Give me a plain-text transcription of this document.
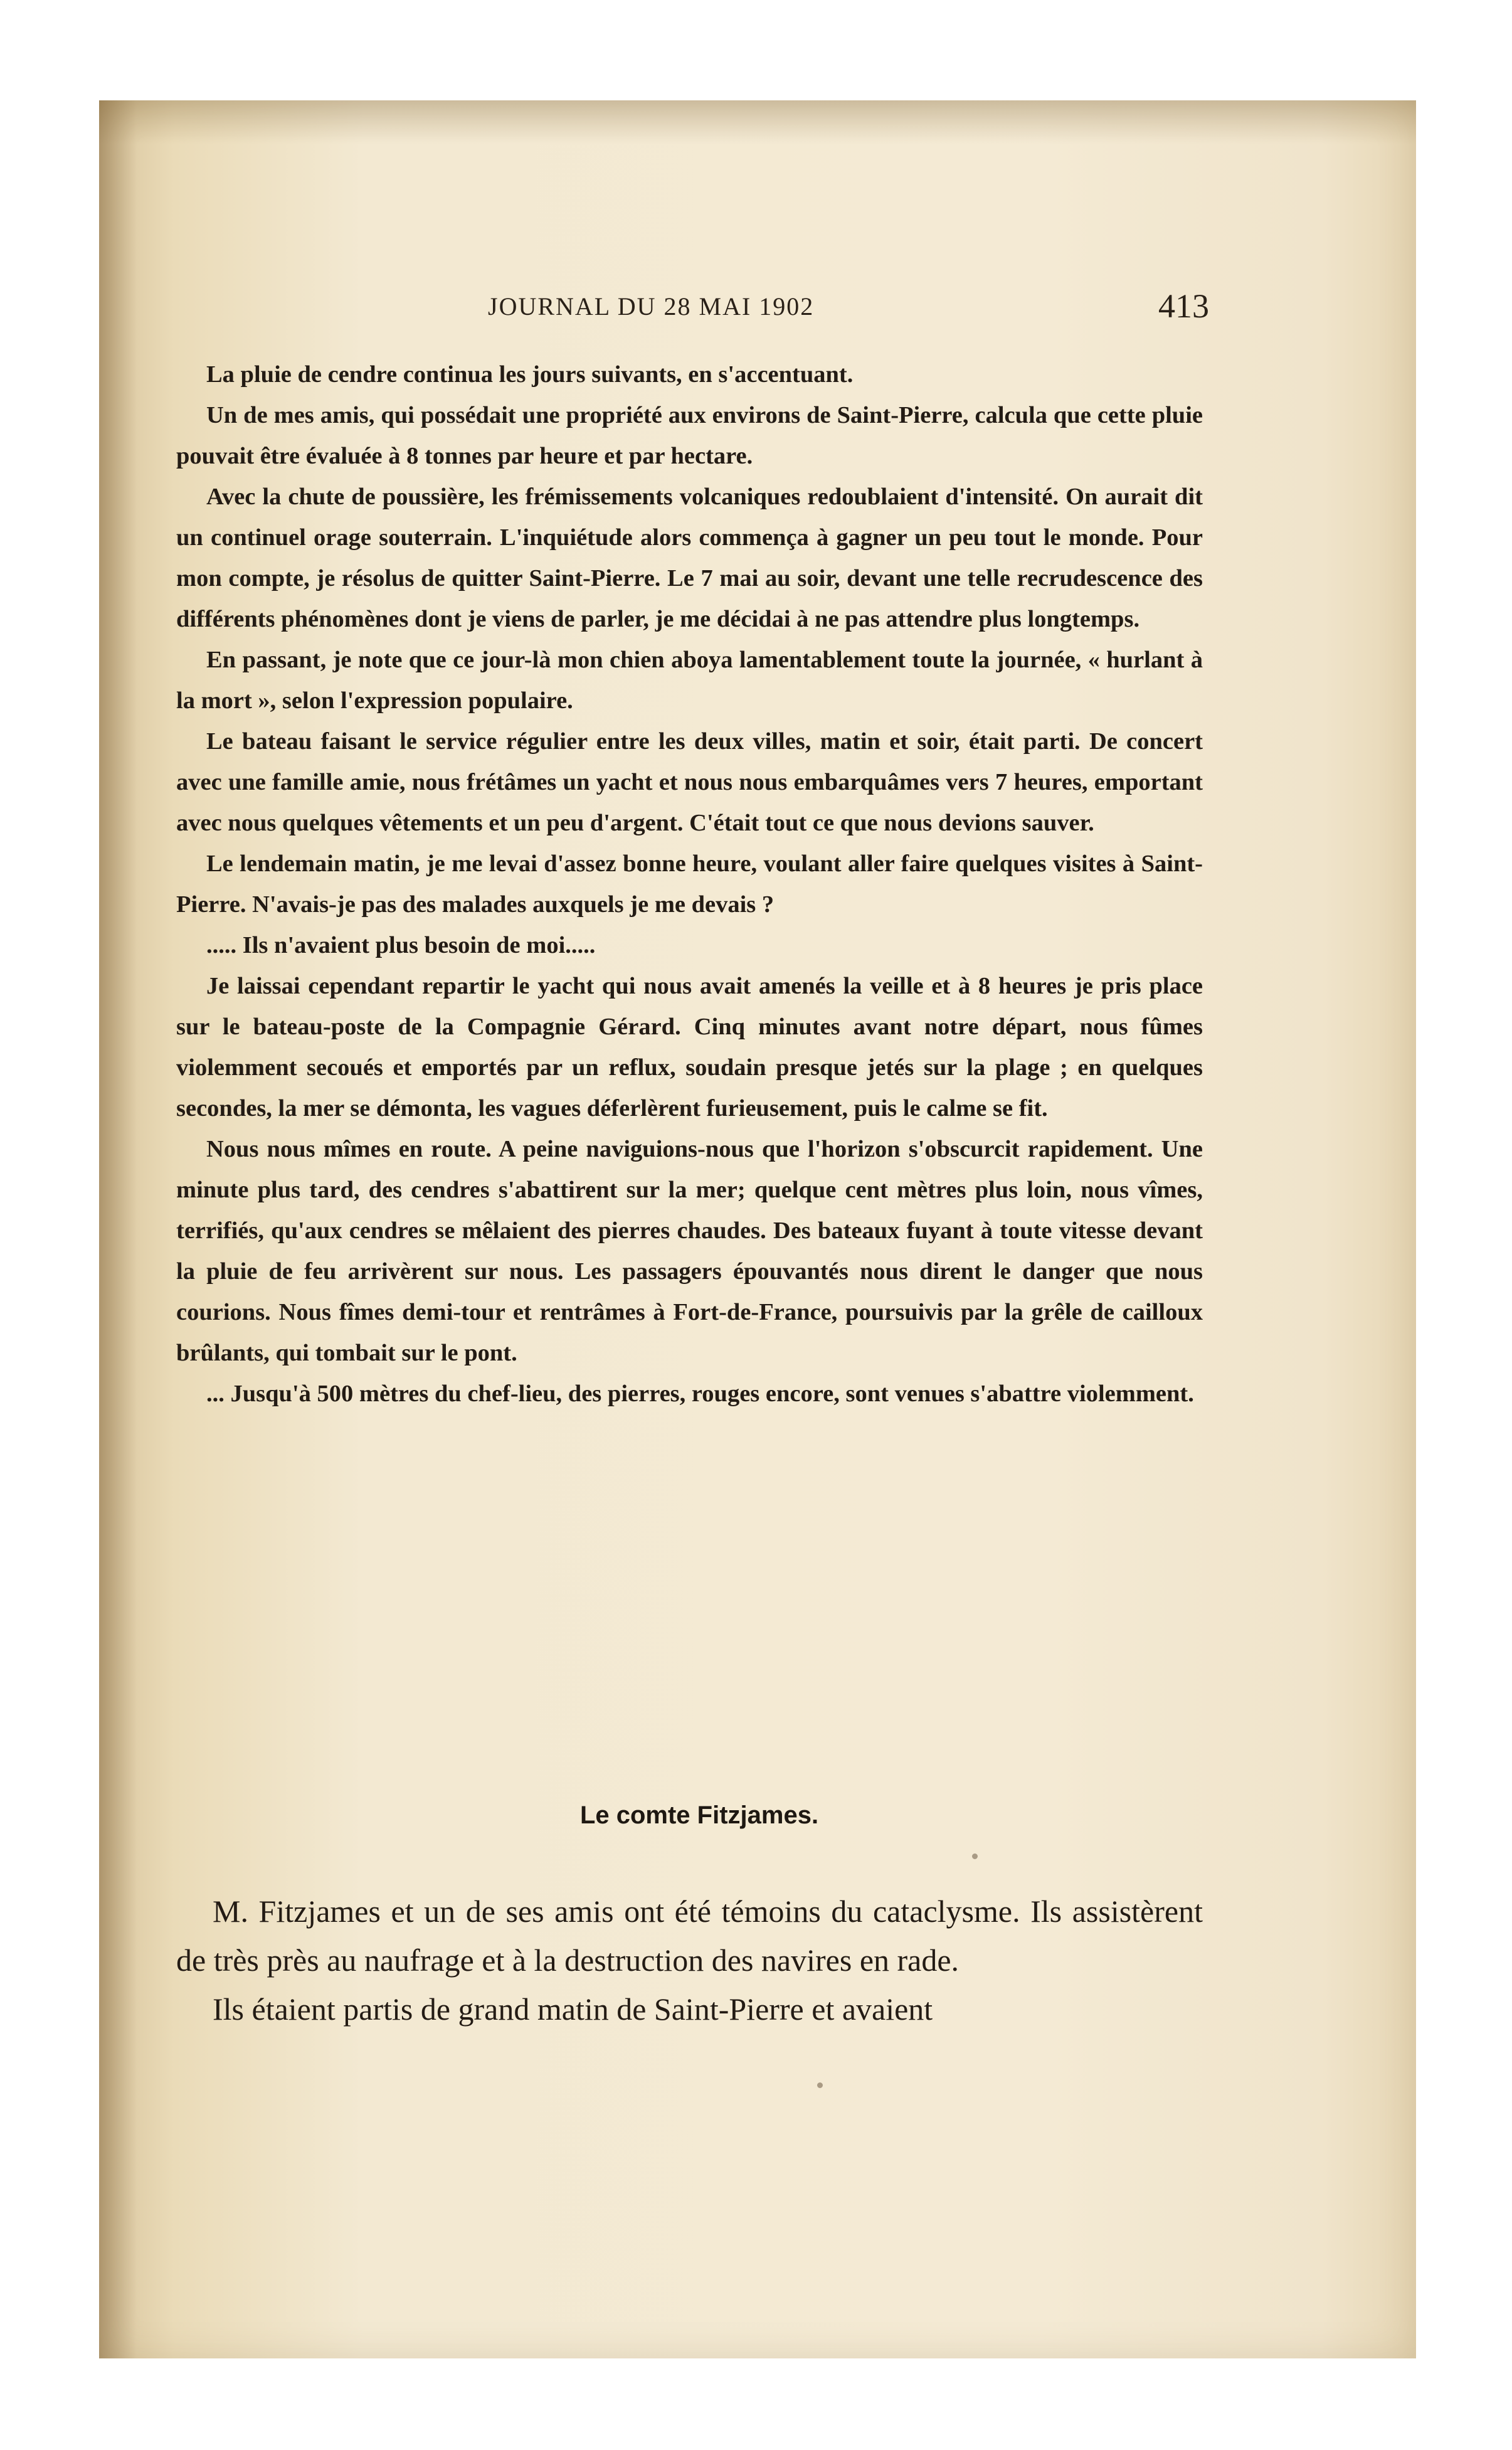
JOURNAL DU 28 MAI 1902	413

La pluie de cendre continua les jours suivants, en s'accentuant.

Un de mes amis, qui possédait une propriété aux environs de Saint-Pierre, calcula que cette pluie pouvait être évaluée à 8 tonnes par heure et par hectare.

Avec la chute de poussière, les frémissements volcaniques redoublaient d'intensité. On aurait dit un continuel orage souterrain. L'inquiétude alors commença à gagner un peu tout le monde. Pour mon compte, je résolus de quitter Saint-Pierre. Le 7 mai au soir, devant une telle recrudescence des différents phénomènes dont je viens de parler, je me décidai à ne pas attendre plus longtemps.

En passant, je note que ce jour-là mon chien aboya lamentablement toute la journée, « hurlant à la mort », selon l'expression populaire.

Le bateau faisant le service régulier entre les deux villes, matin et soir, était parti. De concert avec une famille amie, nous frétâmes un yacht et nous nous embarquâmes vers 7 heures, emportant avec nous quelques vêtements et un peu d'argent. C'était tout ce que nous devions sauver.

Le lendemain matin, je me levai d'assez bonne heure, voulant aller faire quelques visites à Saint-Pierre. N'avais-je pas des malades auxquels je me devais ?

..... Ils n'avaient plus besoin de moi.....

Je laissai cependant repartir le yacht qui nous avait amenés la veille et à 8 heures je pris place sur le bateau-poste de la Compagnie Gérard. Cinq minutes avant notre départ, nous fûmes violemment secoués et emportés par un reflux, soudain presque jetés sur la plage ; en quelques secondes, la mer se démonta, les vagues déferlèrent furieusement, puis le calme se fit.

Nous nous mîmes en route. A peine naviguions-nous que l'horizon s'obscurcit rapidement. Une minute plus tard, des cendres s'abattirent sur la mer; quelque cent mètres plus loin, nous vîmes, terrifiés, qu'aux cendres se mêlaient des pierres chaudes. Des bateaux fuyant à toute vitesse devant la pluie de feu arrivèrent sur nous. Les passagers épouvantés nous dirent le danger que nous courions. Nous fîmes demi-tour et rentrâmes à Fort-de-France, poursuivis par la grêle de cailloux brûlants, qui tombait sur le pont.

... Jusqu'à 500 mètres du chef-lieu, des pierres, rouges encore, sont venues s'abattre violemment.

Le comte Fitzjames.

M. Fitzjames et un de ses amis ont été témoins du cataclysme. Ils assistèrent de très près au naufrage et à la destruction des navires en rade.

Ils étaient partis de grand matin de Saint-Pierre et avaient
